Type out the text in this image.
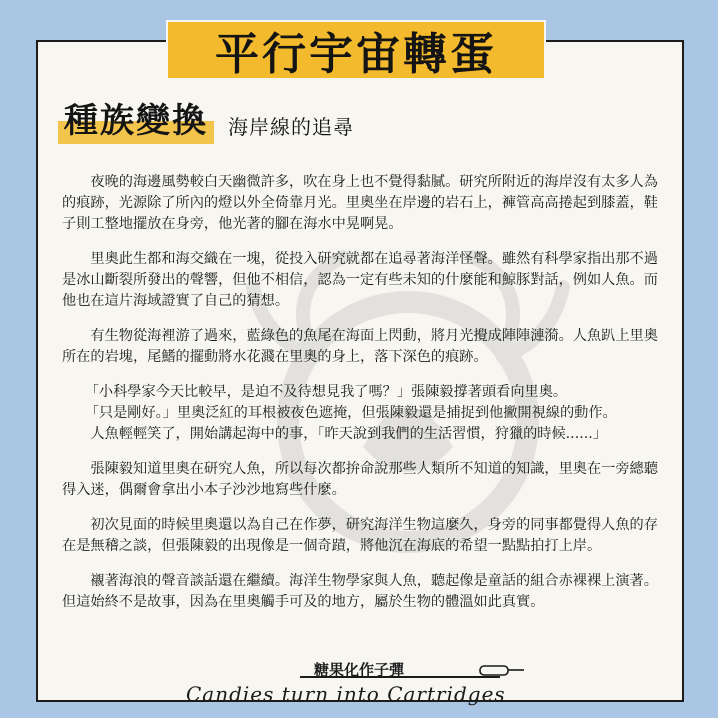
平行宇宙轉蛋
種族變換	海岸線的追尋

夜晚的海邊風勢較白天幽微許多，吹在身上也不覺得黏膩。研究所附近的海岸沒有太多人為的痕跡，光源除了所內的燈以外全倚靠月光。里奧坐在岸邊的岩石上，褲管高高捲起到膝蓋，鞋子則工整地擺放在身旁，他光著的腳在海水中晃啊晃。

里奧此生都和海交織在一塊，從投入研究就都在追尋著海洋怪聲。雖然有科學家指出那不過是冰山斷裂所發出的聲響，但他不相信，認為一定有些未知的什麼能和鯨豚對話，例如人魚。而他也在這片海域證實了自己的猜想。

有生物從海裡游了過來，藍綠色的魚尾在海面上閃動，將月光攪成陣陣漣漪。人魚趴上里奧所在的岩塊，尾鰭的擺動將水花濺在里奧的身上，落下深色的痕跡。

「小科學家今天比較早，是迫不及待想見我了嗎？」張陳毅撐著頭看向里奧。

「只是剛好。」里奧泛紅的耳根被夜色遮掩，但張陳毅還是捕捉到他撇開視線的動作。

人魚輕輕笑了，開始講起海中的事，「昨天說到我們的生活習慣，狩獵的時候......」

張陳毅知道里奧在研究人魚，所以每次都拚命說那些人類所不知道的知識，里奧在一旁總聽得入迷，偶爾會拿出小本子沙沙地寫些什麼。

初次見面的時候里奧還以為自己在作夢，研究海洋生物這麼久，身旁的同事都覺得人魚的存在是無稽之談，但張陳毅的出現像是一個奇蹟，將他沉在海底的希望一點點拍打上岸。

襯著海浪的聲音談話還在繼續。海洋生物學家與人魚，聽起像是童話的組合赤裸裸上演著。但這始終不是故事，因為在里奧觸手可及的地方，屬於生物的體溫如此真實。

糖果化作子彈
Candies turn into Cartridges
